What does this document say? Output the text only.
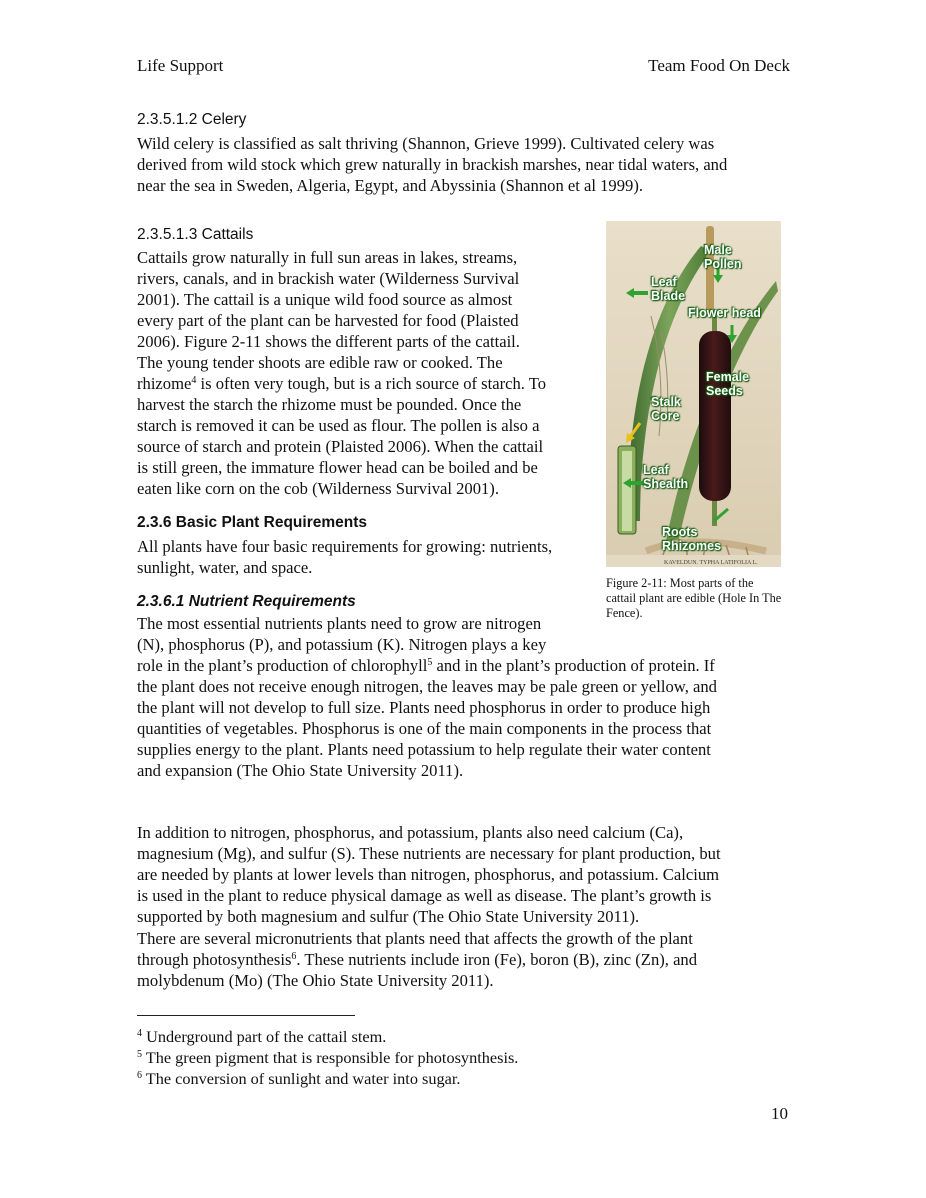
Life Support	Team Food On Deck
2.3.5.1.2 Celery
Wild celery is classified as salt thriving (Shannon, Grieve 1999). Cultivated celery was
derived from wild stock which grew naturally in brackish marshes, near tidal waters, and
near the sea in Sweden, Algeria, Egypt, and Abyssinia (Shannon et al 1999).
2.3.5.1.3 Cattails
Cattails grow naturally in full sun areas in lakes, streams,
rivers, canals, and in brackish water (Wilderness Survival
2001). The cattail is a unique wild food source as almost
every part of the plant can be harvested for food (Plaisted
2006). Figure 2-11 shows the different parts of the cattail.
The young tender shoots are edible raw or cooked. The
rhizome$^4$ is often very tough, but is a rich source of starch. To
harvest the starch the rhizome must be pounded. Once the
starch is removed it can be used as flour. The pollen is also a
source of starch and protein (Plaisted 2006). When the cattail
is still green, the immature flower head can be boiled and be
eaten like corn on the cob (Wilderness Survival 2001).
2.3.6 Basic Plant Requirements
All plants have four basic requirements for growing: nutrients,
sunlight, water, and space.
2.3.6.1 Nutrient Requirements
The most essential nutrients plants need to grow are nitrogen
(N), phosphorus (P), and potassium (K). Nitrogen plays a key
role in the plant’s production of chlorophyll$^5$ and in the plant’s production of protein. If
the plant does not receive enough nitrogen, the leaves may be pale green or yellow, and
the plant will not develop to full size. Plants need phosphorus in order to produce high
quantities of vegetables. Phosphorus is one of the main components in the process that
supplies energy to the plant. Plants need potassium to help regulate their water content
and expansion (The Ohio State University 2011).
In addition to nitrogen, phosphorus, and potassium, plants also need calcium (Ca),
magnesium (Mg), and sulfur (S). These nutrients are necessary for plant production, but
are needed by plants at lower levels than nitrogen, phosphorus, and potassium. Calcium
is used in the plant to reduce physical damage as well as disease. The plant’s growth is
supported by both magnesium and sulfur (The Ohio State University 2011).
There are several micronutrients that plants need that affects the growth of the plant
through photosynthesis$^6$. These nutrients include iron (Fe), boron (B), zinc (Zn), and
molybdenum (Mo) (The Ohio State University 2011).
KAVELDUN. TYPHA LATIFOLIA L.
Male
Pollen
Leaf
Blade
Flower head
Female
Seeds
Stalk
Core
Leaf
Shealth
Roots
Rhizomes
Figure 2-11: Most parts of the cattail plant are edible (Hole In The Fence).
$^4$ Underground part of the cattail stem.
$^5$ The green pigment that is responsible for photosynthesis.
$^6$ The conversion of sunlight and water into sugar.
10
